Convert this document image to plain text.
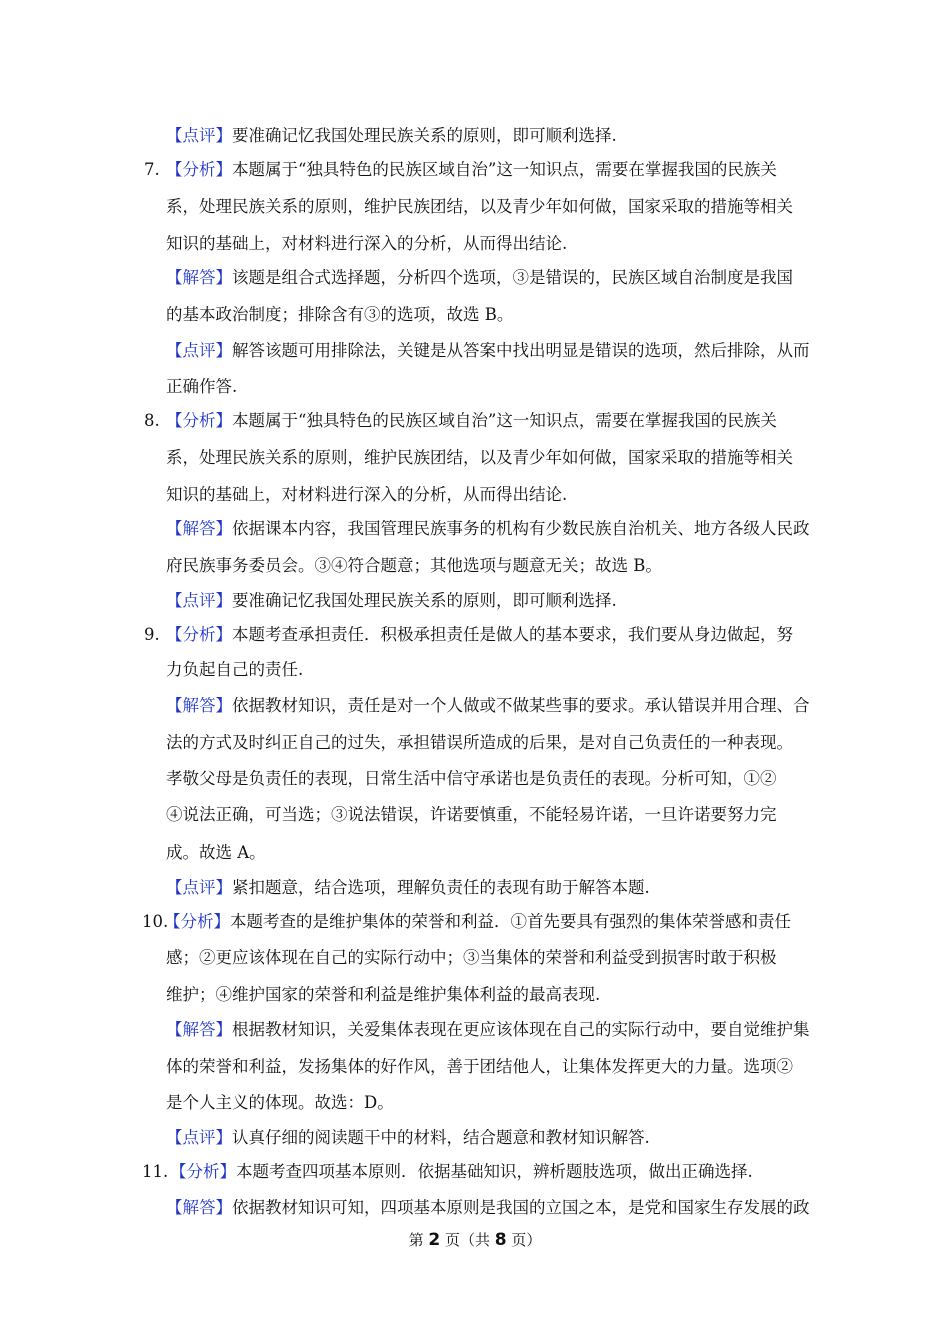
【点评】要准确记忆我国处理民族关系的原则，即可顺利选择.
7. 【分析】本题属于“独具特色的民族区域自治”这一知识点，需要在掌握我国的民族关
系，处理民族关系的原则，维护民族团结，以及青少年如何做，国家采取的措施等相关
知识的基础上，对材料进行深入的分析，从而得出结论.
【解答】该题是组合式选择题，分析四个选项，③是错误的，民族区域自治制度是我国
的基本政治制度；排除含有③的选项，故选 B。
【点评】解答该题可用排除法，关键是从答案中找出明显是错误的选项，然后排除，从而
正确作答.
8. 【分析】本题属于“独具特色的民族区域自治”这一知识点，需要在掌握我国的民族关
系，处理民族关系的原则，维护民族团结，以及青少年如何做，国家采取的措施等相关
知识的基础上，对材料进行深入的分析，从而得出结论.
【解答】依据课本内容，我国管理民族事务的机构有少数民族自治机关、地方各级人民政
府民族事务委员会。③④符合题意；其他选项与题意无关；故选 B。
【点评】要准确记忆我国处理民族关系的原则，即可顺利选择.
9. 【分析】本题考查承担责任．积极承担责任是做人的基本要求，我们要从身边做起，努
力负起自己的责任.
【解答】依据教材知识，责任是对一个人做或不做某些事的要求。承认错误并用合理、合
法的方式及时纠正自己的过失，承担错误所造成的后果，是对自己负责任的一种表现。
孝敬父母是负责任的表现，日常生活中信守承诺也是负责任的表现。分析可知，①②
④说法正确，可当选；③说法错误，许诺要慎重，不能轻易许诺，一旦许诺要努力完
成。故选 A。
【点评】紧扣题意，结合选项，理解负责任的表现有助于解答本题.
10.
【分析】本题考查的是维护集体的荣誉和利益．①首先要具有强烈的集体荣誉感和责任
感；②更应该体现在自己的实际行动中；③当集体的荣誉和利益受到损害时敢于积极
维护；④维护国家的荣誉和利益是维护集体利益的最高表现.
【解答】根据教材知识，关爱集体表现在更应该体现在自己的实际行动中，要自觉维护集
体的荣誉和利益，发扬集体的好作风，善于团结他人，让集体发挥更大的力量。选项②
是个人主义的体现。故选：D。
【点评】认真仔细的阅读题干中的材料，结合题意和教材知识解答.
11. 【分析】本题考查四项基本原则．依据基础知识，辨析题肢选项，做出正确选择.
【解答】依据教材知识可知，四项基本原则是我国的立国之本，是党和国家生存发展的政
第 2 页（共 8 页）
